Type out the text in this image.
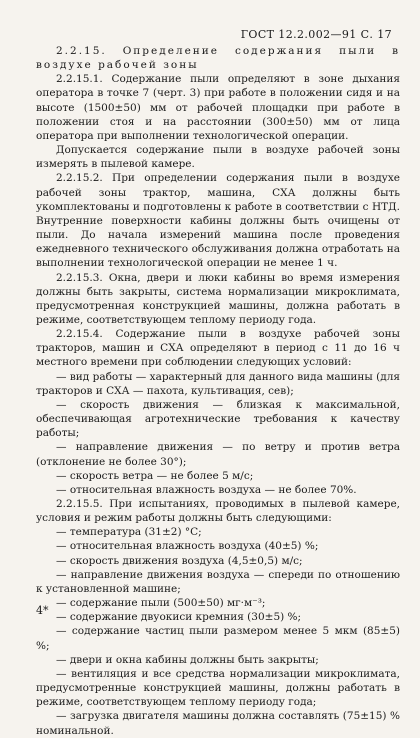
ГОСТ 12.2.002—91 С. 17

2.2.15. Определение содержания пыли в воздухе рабочей зоны

2.2.15.1. Содержание пыли определяют в зоне дыхания оператора в точке 7 (черт. 3) при работе в положении сидя и на высоте (1500±50) мм от рабочей площадки при работе в положении стоя и на расстоянии (300±50) мм от лица оператора при выполнении технологической операции.

Допускается содержание пыли в воздухе рабочей зоны измерять в пылевой камере.

2.2.15.2. При определении содержания пыли в воздухе рабочей зоны трактор, машина, СХА должны быть укомплектованы и подготовлены к работе в соответствии с НТД. Внутренние поверхности кабины должны быть очищены от пыли. До начала измерений машина после проведения ежедневного технического обслуживания должна отработать на выполнении технологической операции не менее 1 ч.

2.2.15.3. Окна, двери и люки кабины во время измерения должны быть закрыты, система нормализации микроклимата, предусмотренная конструкцией машины, должна работать в режиме, соответствующем теплому периоду года.

2.2.15.4. Содержание пыли в воздухе рабочей зоны тракторов, машин и СХА определяют в период с 11 до 16 ч местного времени при соблюдении следующих условий:

— вид работы — характерный для данного вида машины (для тракторов и СХА — пахота, культивация, сев);

— скорость движения — близкая к максимальной, обеспечивающая агротехнические требования к качеству работы;

— направление движения — по ветру и против ветра (отклонение не более 30°);

— скорость ветра — не более 5 м/с;

— относительная влажность воздуха — не более 70%.

2.2.15.5. При испытаниях, проводимых в пылевой камере, условия и режим работы должны быть следующими:

— температура (31±2) °C;

— относительная влажность воздуха (40±5) %;

— скорость движения воздуха (4,5±0,5) м/с;

— направление движения воздуха — спереди по отношению к установленной машине;

— содержание пыли (500±50) мг·м⁻³;

— содержание двуокиси кремния (30±5) %;

— содержание частиц пыли размером менее 5 мкм (85±5) %;

— двери и окна кабины должны быть закрыты;

— вентиляция и все средства нормализации микроклимата, предусмотренные конструкцией машины, должны работать в режиме, соответствующем теплому периоду года;

— загрузка двигателя машины должна составлять (75±15) % номинальной.

4*
